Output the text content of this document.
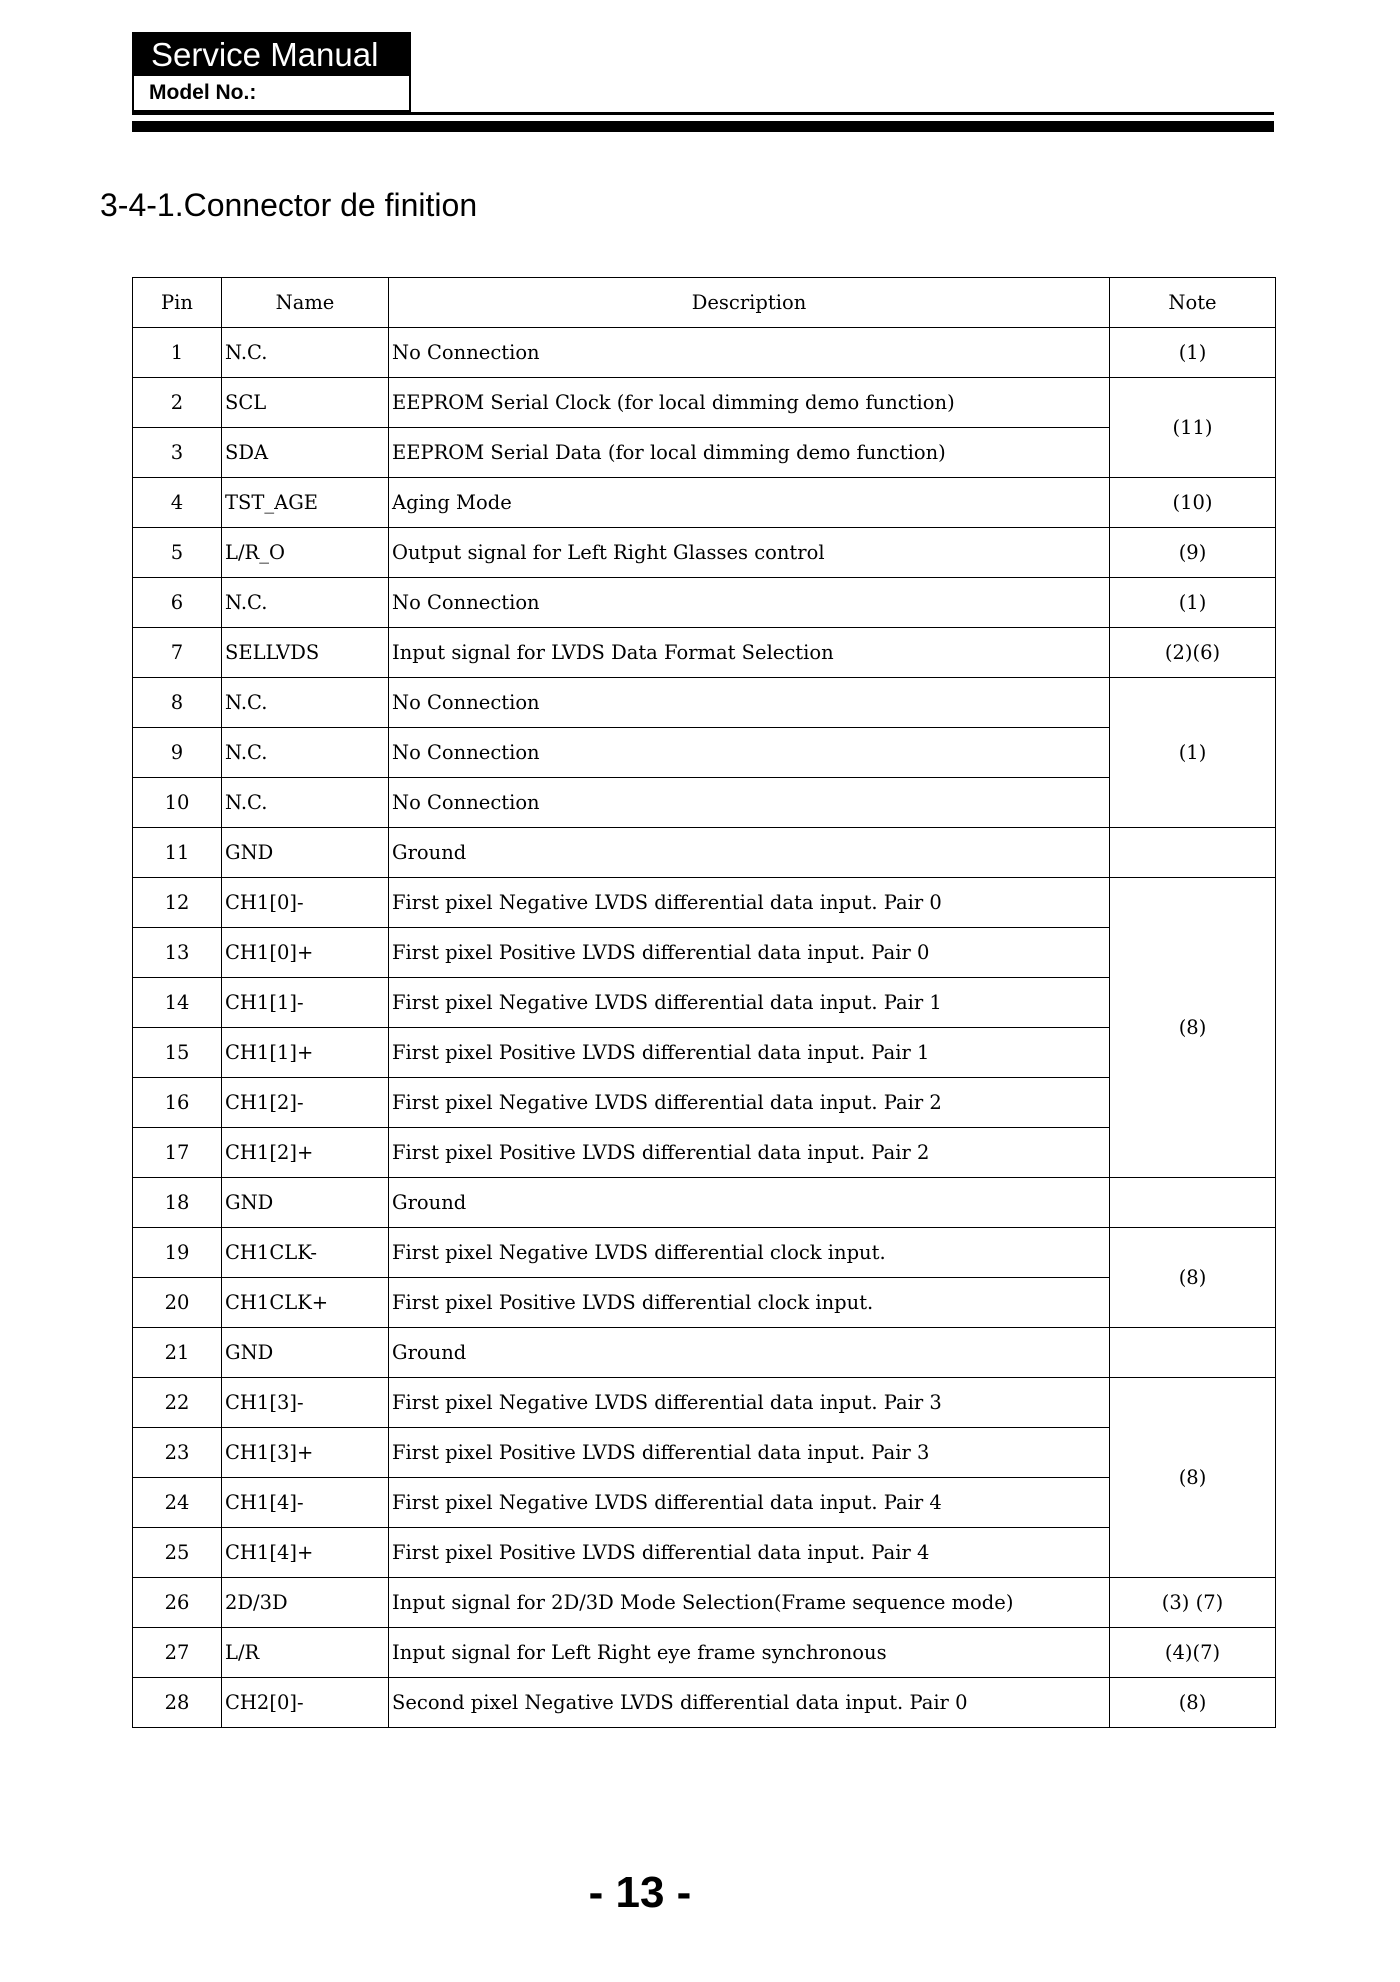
Service Manual
Model No.:
3-4-1.Connector de finition
Pin	Name	Description	Note
1	N.C.	No Connection	(1)
2	SCL	EEPROM Serial Clock (for local dimming demo function)	(11)
3	SDA	EEPROM Serial Data (for local dimming demo function)	
4	TST_AGE	Aging Mode	(10)
5	L/R_O	Output signal for Left Right Glasses control	(9)
6	N.C.	No Connection	(1)
7	SELLVDS	Input signal for LVDS Data Format Selection	(2)(6)
8	N.C.	No Connection	(1)
9	N.C.	No Connection	
10	N.C.	No Connection	
11	GND	Ground	
12	CH1[0]-	First pixel Negative LVDS differential data input. Pair 0	(8)
13	CH1[0]+	First pixel Positive LVDS differential data input. Pair 0	
14	CH1[1]-	First pixel Negative LVDS differential data input. Pair 1	
15	CH1[1]+	First pixel Positive LVDS differential data input. Pair 1	
16	CH1[2]-	First pixel Negative LVDS differential data input. Pair 2	
17	CH1[2]+	First pixel Positive LVDS differential data input. Pair 2	
18	GND	Ground	
19	CH1CLK-	First pixel Negative LVDS differential clock input.	(8)
20	CH1CLK+	First pixel Positive LVDS differential clock input.	
21	GND	Ground	
22	CH1[3]-	First pixel Negative LVDS differential data input. Pair 3	(8)
23	CH1[3]+	First pixel Positive LVDS differential data input. Pair 3	
24	CH1[4]-	First pixel Negative LVDS differential data input. Pair 4	
25	CH1[4]+	First pixel Positive LVDS differential data input. Pair 4	
26	2D/3D	Input signal for 2D/3D Mode Selection(Frame sequence mode)	(3) (7)
27	L/R	Input signal for Left Right eye frame synchronous	(4)(7)
28	CH2[0]-	Second pixel Negative LVDS differential data input. Pair 0	(8)
- 13 -
